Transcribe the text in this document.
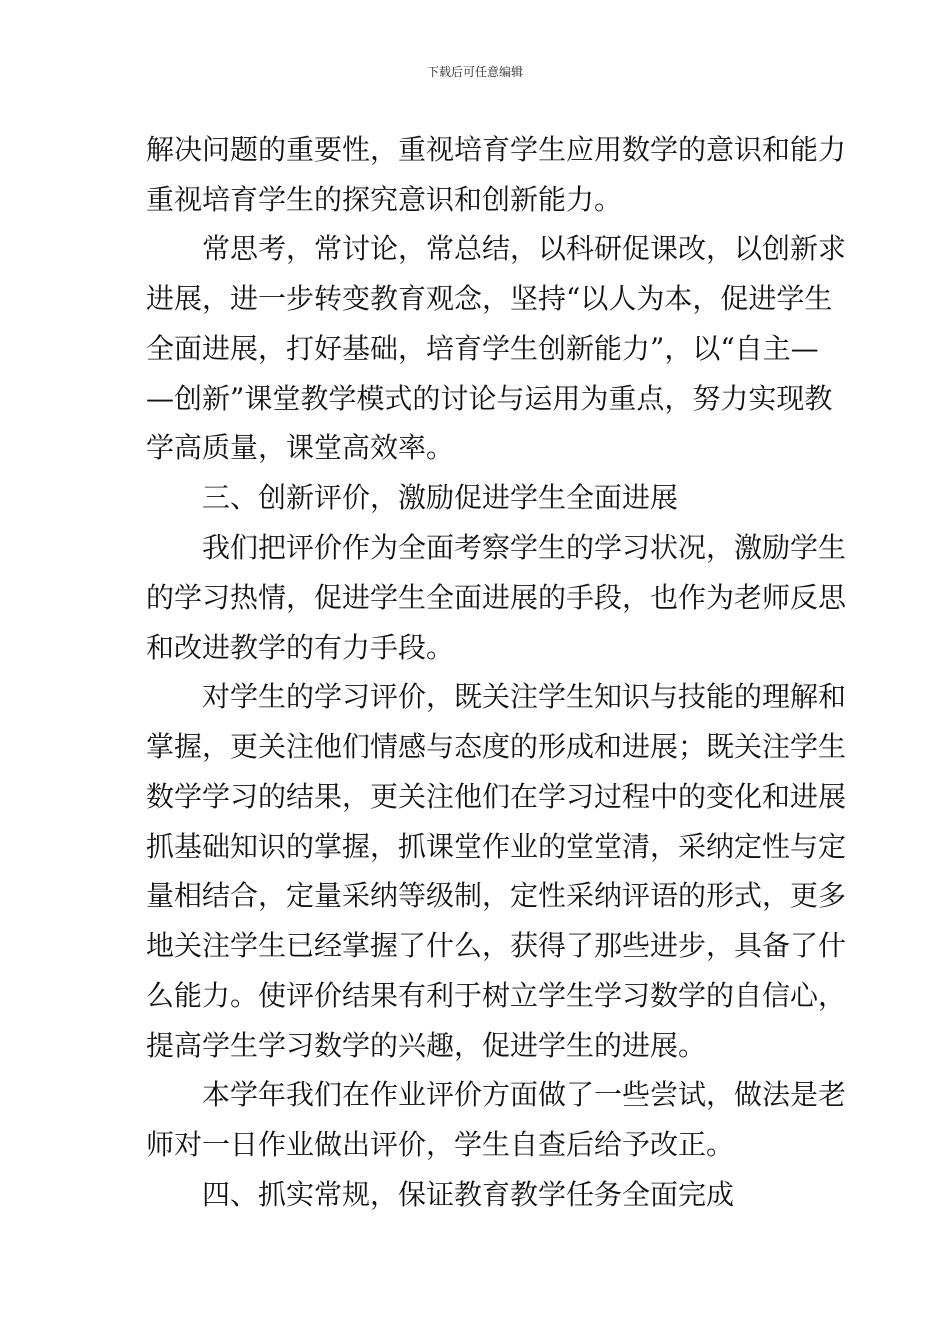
下载后可任意编辑
解决问题的重要性，重视培育学生应用数学的意识和能力
重视培育学生的探究意识和创新能力。
　　常思考，常讨论，常总结，以科研促课改，以创新求
进展，进一步转变教育观念，坚持“以人为本，促进学生
全面进展，打好基础，培育学生创新能力”，以“自主—
—创新”课堂教学模式的讨论与运用为重点，努力实现教
学高质量，课堂高效率。
　　三、创新评价，激励促进学生全面进展
　　我们把评价作为全面考察学生的学习状况，激励学生
的学习热情，促进学生全面进展的手段，也作为老师反思
和改进教学的有力手段。
　　对学生的学习评价，既关注学生知识与技能的理解和
掌握，更关注他们情感与态度的形成和进展；既关注学生
数学学习的结果，更关注他们在学习过程中的变化和进展
抓基础知识的掌握，抓课堂作业的堂堂清，采纳定性与定
量相结合，定量采纳等级制，定性采纳评语的形式，更多
地关注学生已经掌握了什么，获得了那些进步，具备了什
么能力。使评价结果有利于树立学生学习数学的自信心，
提高学生学习数学的兴趣，促进学生的进展。
　　本学年我们在作业评价方面做了一些尝试，做法是老
师对一日作业做出评价，学生自查后给予改正。
　　四、抓实常规，保证教育教学任务全面完成
